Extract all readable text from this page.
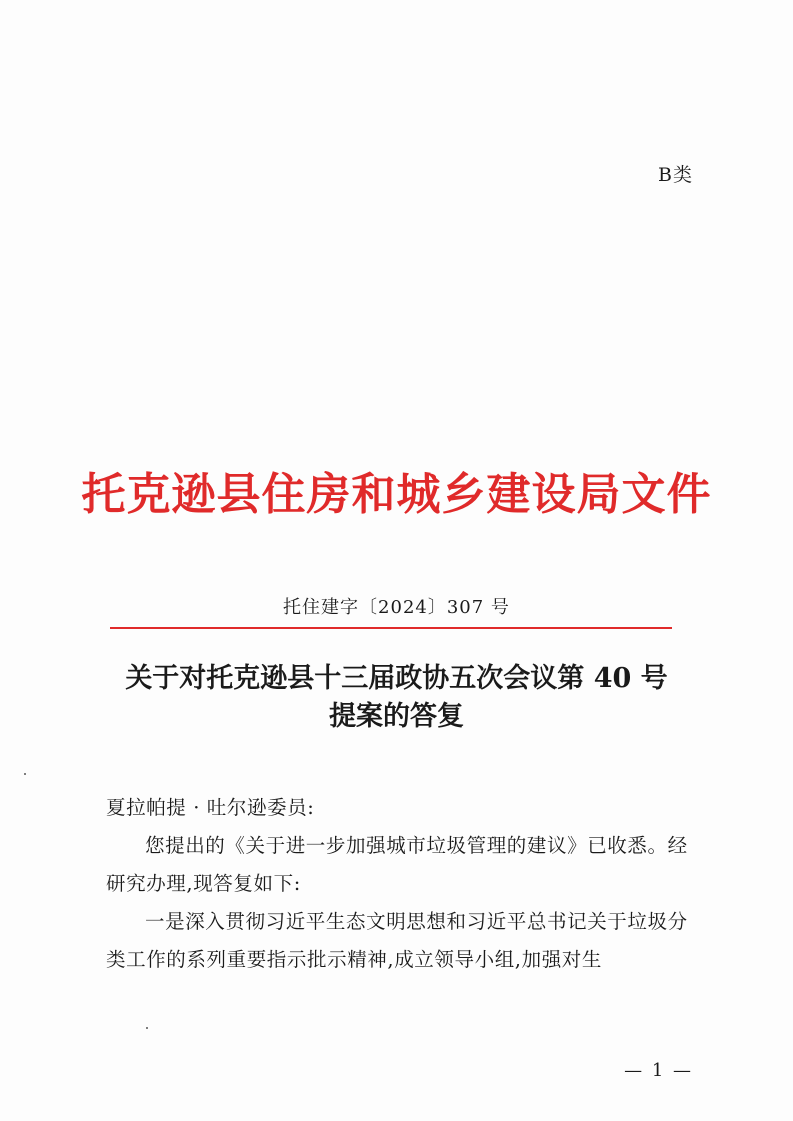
B类
托克逊县住房和城乡建设局文件
托住建字〔2024〕307 号
关于对托克逊县十三届政协五次会议第 40 号
提案的答复

夏拉帕提 · 吐尔逊委员:

您提出的《关于进一步加强城市垃圾管理的建议》已收悉。经研究办理,现答复如下:

一是深入贯彻习近平生态文明思想和习近平总书记关于垃圾分类工作的系列重要指示批示精神,成立领导小组,加强对生

— 1 —
